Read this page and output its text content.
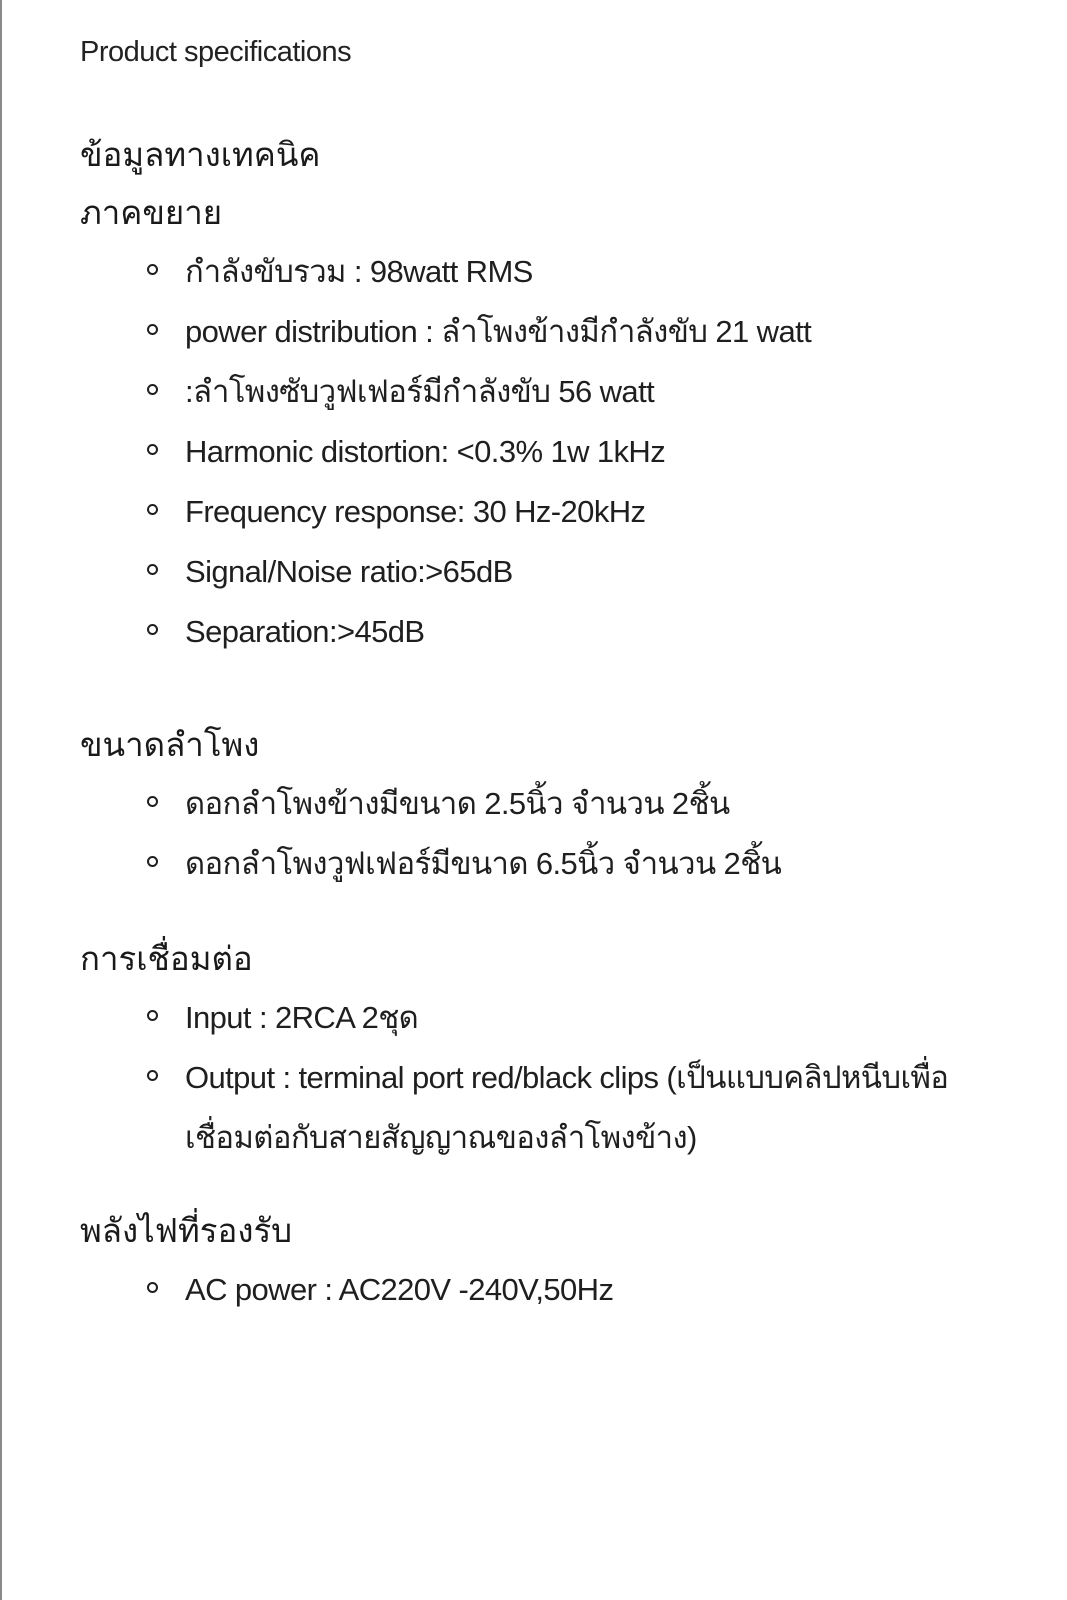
Product specifications
ข้อมูลทางเทคนิค
ภาคขยาย
กำลังขับรวม : 98watt RMS
power distribution : ลำโพงข้างมีกำลังขับ 21 watt
:ลำโพงซับวูฟเฟอร์มีกำลังขับ 56 watt
Harmonic distortion: <0.3% 1w 1kHz
Frequency response: 30 Hz-20kHz
Signal/Noise ratio:>65dB
Separation:>45dB
ขนาดลำโพง
ดอกลำโพงข้างมีขนาด 2.5นิ้ว จำนวน 2ชิ้น
ดอกลำโพงวูฟเฟอร์มีขนาด 6.5นิ้ว จำนวน 2ชิ้น
การเชื่อมต่อ
Input : 2RCA 2ชุด
Output : terminal port red/black clips (เป็นแบบคลิปหนีบเพื่อเชื่อมต่อกับสายสัญญาณของลำโพงข้าง)
พลังไฟที่รองรับ
AC power : AC220V -240V,50Hz
